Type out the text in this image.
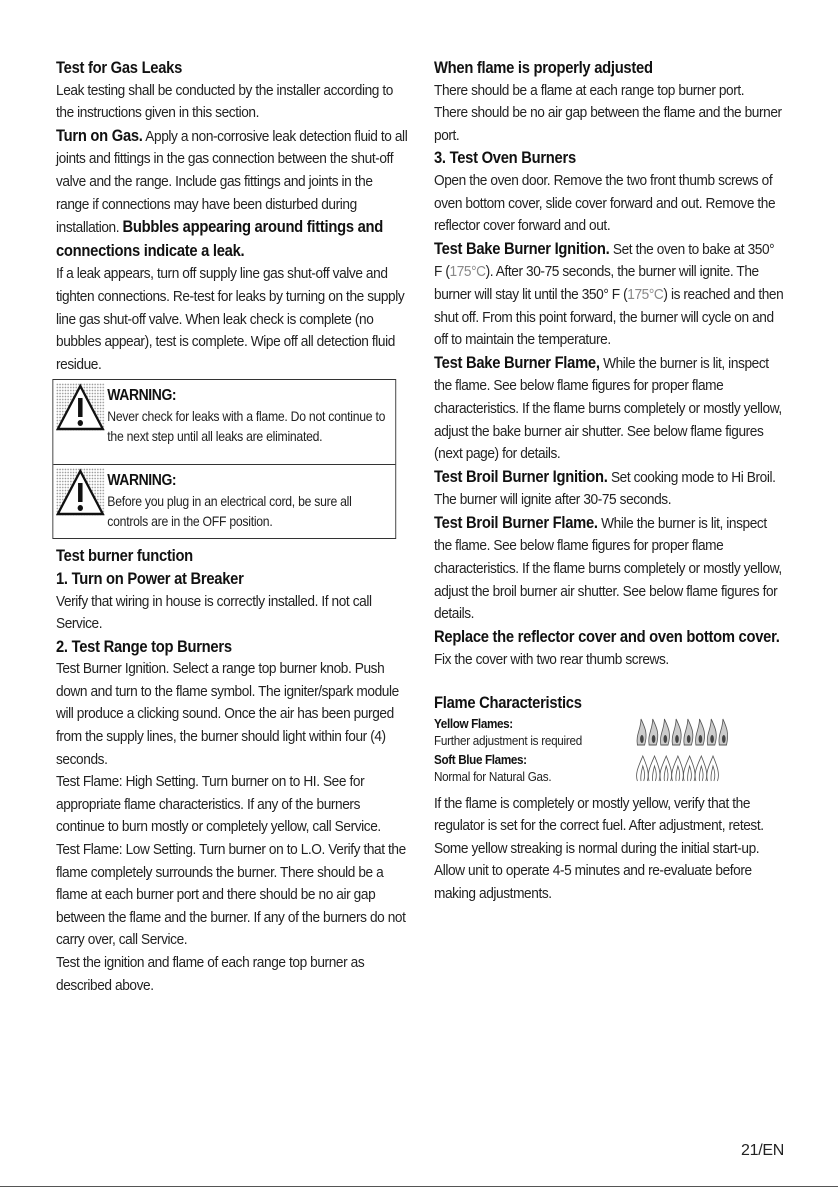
Test for Gas Leaks

Leak testing shall be conducted by the installer according to the instructions given in this section.

Turn on Gas. Apply a non-corrosive leak detection fluid to all joints and fittings in the gas connection between the shut-off valve and the range. Include gas fittings and joints in the range if connections may have been disturbed during installation. Bubbles appearing around fittings and connections indicate a leak.

If a leak appears, turn off supply line gas shut-off valve and tighten connections. Re-test for leaks by turning on the supply line gas shut-off valve. When leak check is complete (no bubbles appear), test is complete. Wipe off all detection fluid residue.

WARNING:
Never check for leaks with a flame. Do not continue to the next step until all leaks are eliminated.
WARNING:
Before you plug in an electrical cord, be sure all controls are in the OFF position.

Test burner function

1. Turn on Power at Breaker

Verify that wiring in house is correctly installed. If not call Service.

2. Test Range top Burners

Test Burner Ignition. Select a range top burner knob. Push down and turn to the flame symbol. The igniter/spark module will produce a clicking sound. Once the air has been purged from the supply lines, the burner should light within four (4) seconds.

Test Flame: High Setting. Turn burner on to HI. See for appropriate flame characteristics. If any of the burners continue to burn mostly or completely yellow, call Service.

Test Flame: Low Setting. Turn burner on to L.O. Verify that the flame completely surrounds the burner. There should be a flame at each burner port and there should be no air gap between the flame and the burner. If any of the burners do not carry over, call Service.

Test the ignition and flame of each range top burner as described above.

When flame is properly adjusted

There should be a flame at each range top burner port.

There should be no air gap between the flame and the burner port.

3. Test Oven Burners

Open the oven door. Remove the two front thumb screws of oven bottom cover, slide cover forward and out. Remove the reflector cover forward and out.

Test Bake Burner Ignition. Set the oven to bake at 350° F (175°C). After 30-75 seconds, the burner will ignite. The burner will stay lit until the 350° F (175°C) is reached and then shut off. From this point forward, the burner will cycle on and off to maintain the temperature.

Test Bake Burner Flame, While the burner is lit, inspect the flame. See below flame figures for proper flame characteristics. If the flame burns completely or mostly yellow, adjust the bake burner air shutter. See below flame figures (next page) for details.

Test Broil Burner Ignition. Set cooking mode to Hi Broil. The burner will ignite after 30-75 seconds.

Test Broil Burner Flame. While the burner is lit, inspect the flame. See below flame figures for proper flame characteristics. If the flame burns completely or mostly yellow, adjust the broil burner air shutter. See below flame figures for details.

Replace the reflector cover and oven bottom cover. Fix the cover with two rear thumb screws.

Flame Characteristics

Yellow Flames:
Further adjustment is required
Soft Blue Flames:
Normal for Natural Gas.

If the flame is completely or mostly yellow, verify that the regulator is set for the correct fuel. After adjustment, retest.

Some yellow streaking is normal during the initial start-up. Allow unit to operate 4-5 minutes and re-evaluate before making adjustments.

21/EN
